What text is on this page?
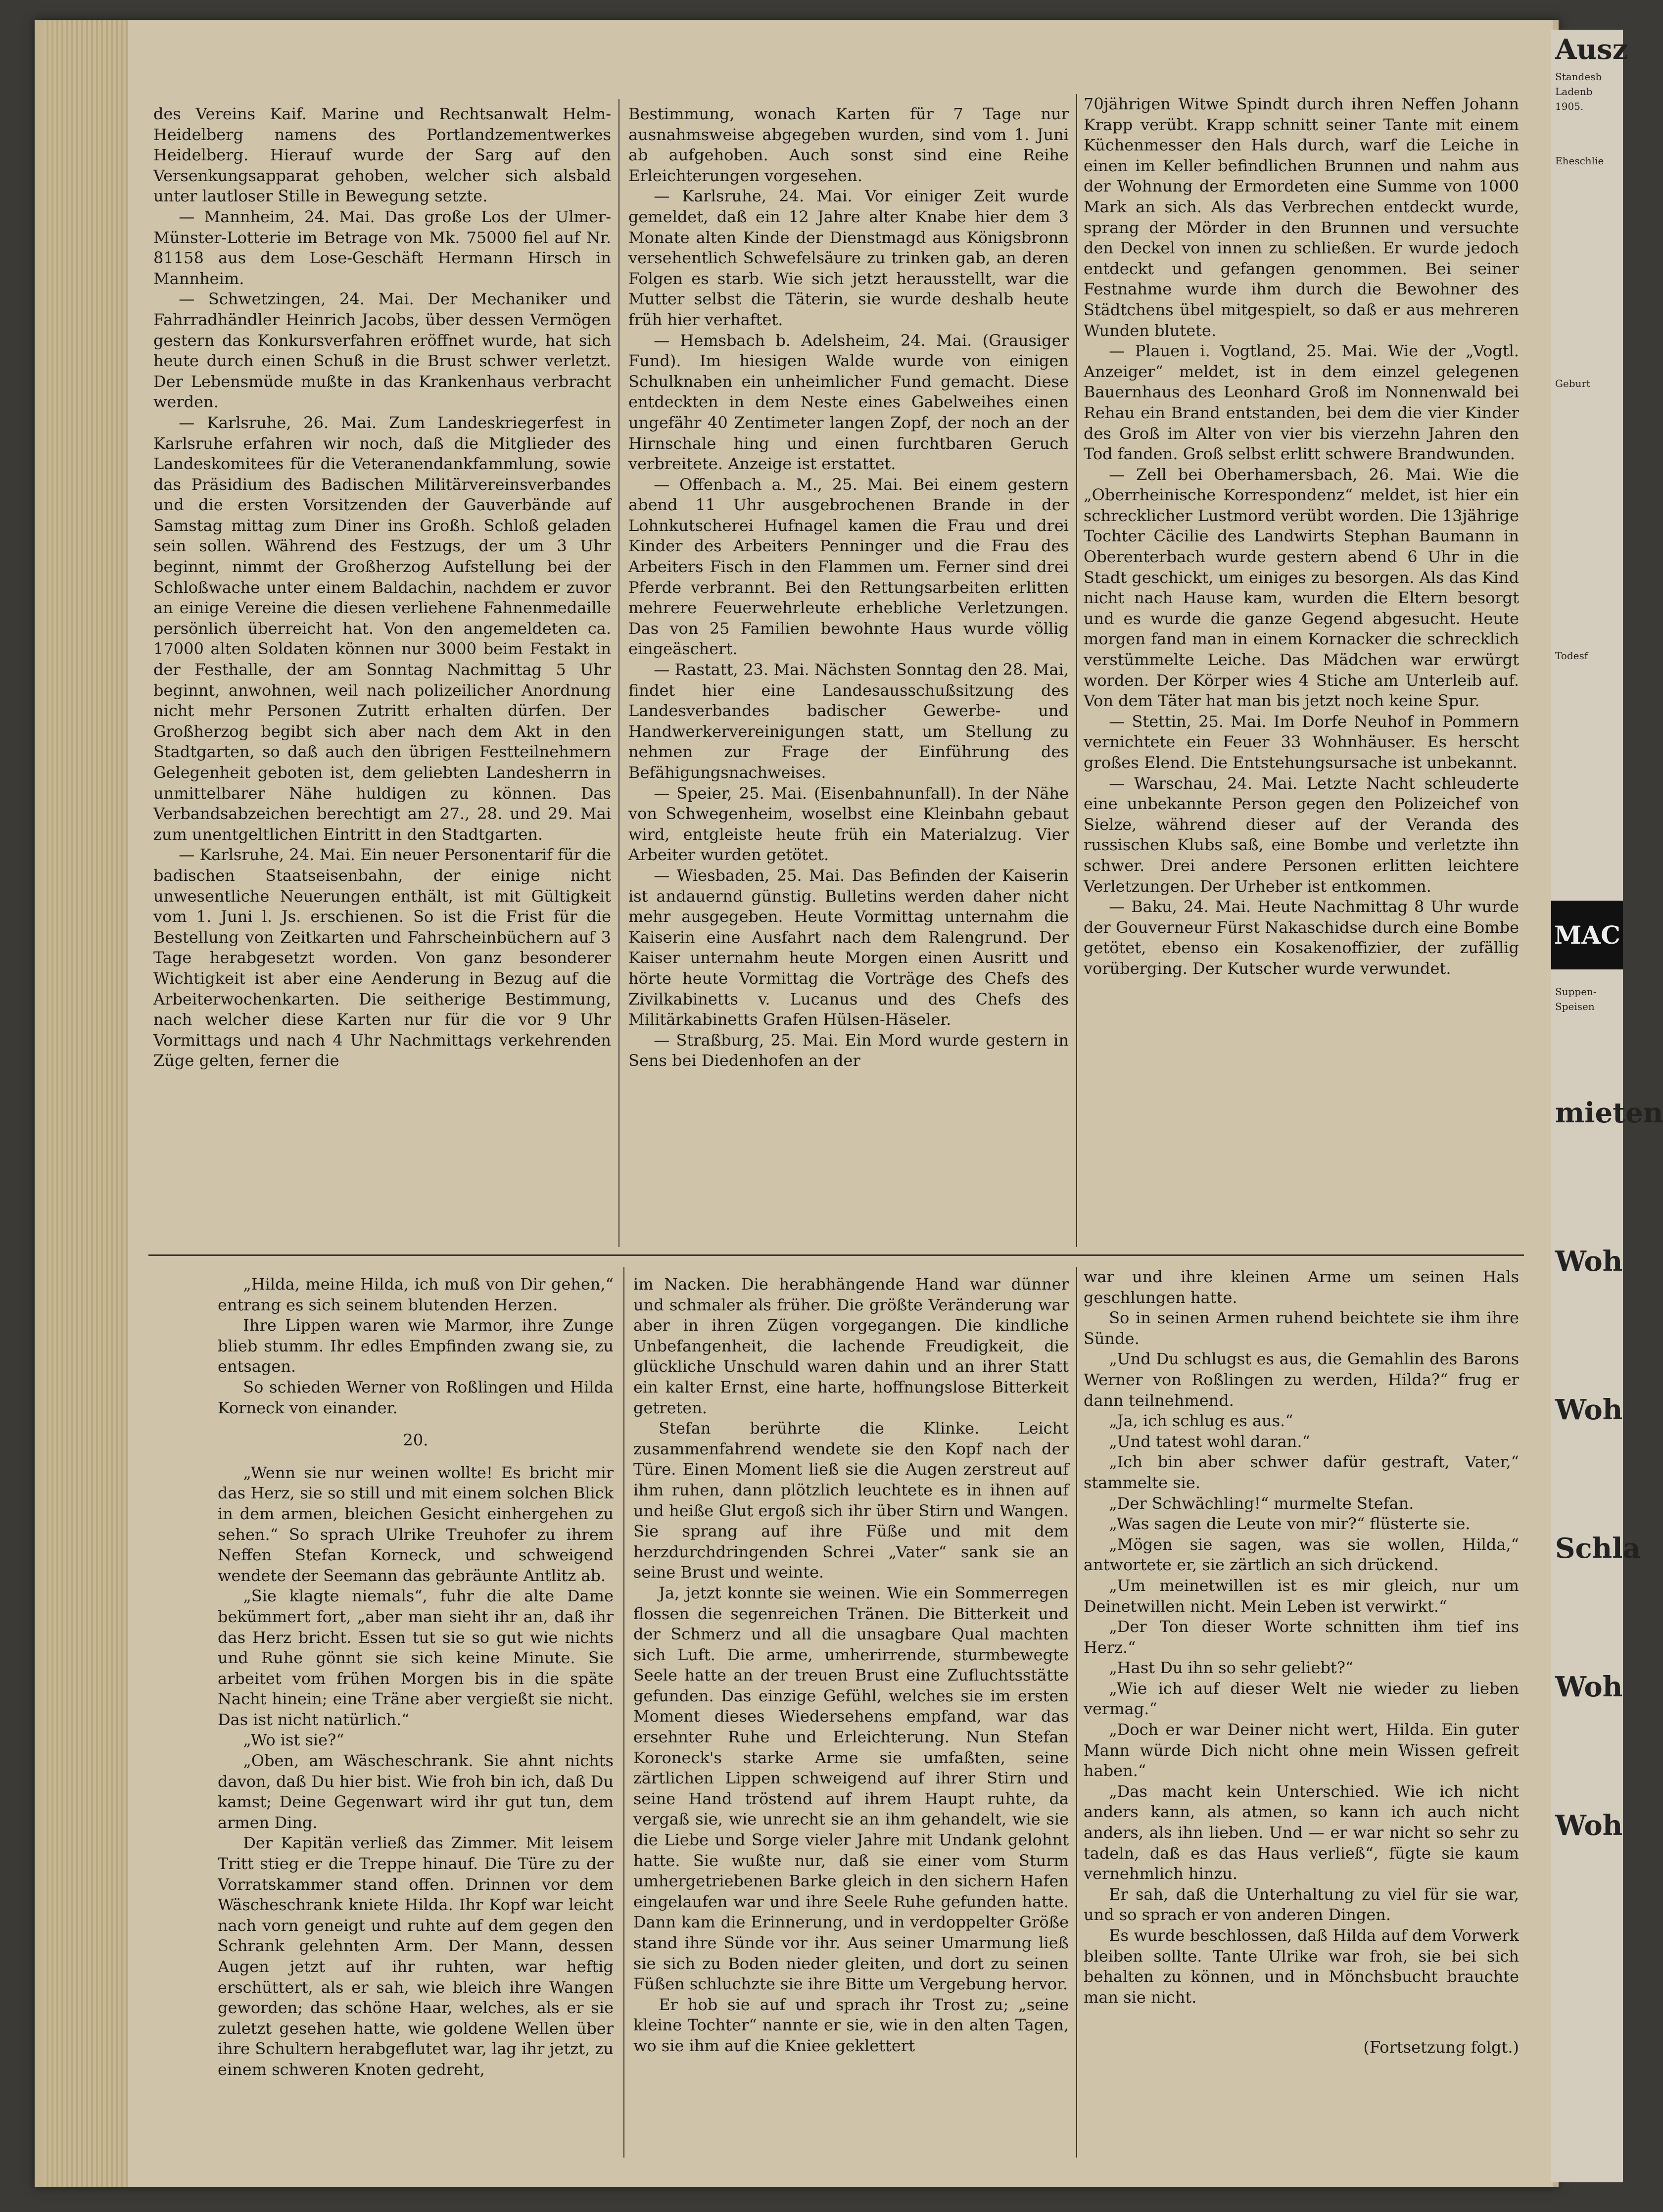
Ausz
Standesb
Ladenb
1905.
Eheschlie
Geburt
Todesf
MAC
Suppen-
Speisen
mieten
Woh
Woh
Schla
Woh
Woh

des Vereins Kaif. Marine und Rechtsanwalt Helm-Heidelberg namens des Portlandzementwerkes Heidelberg. Hierauf wurde der Sarg auf den Versenkungsapparat gehoben, welcher sich alsbald unter lautloser Stille in Bewegung setzte.

— Mannheim, 24. Mai. Das große Los der Ulmer-Münster-Lotterie im Betrage von Mk. 75000 fiel auf Nr. 81158 aus dem Lose-Geschäft Hermann Hirsch in Mannheim.

— Schwetzingen, 24. Mai. Der Mechaniker und Fahrradhändler Heinrich Jacobs, über dessen Vermögen gestern das Konkursverfahren eröffnet wurde, hat sich heute durch einen Schuß in die Brust schwer verletzt. Der Lebensmüde mußte in das Krankenhaus verbracht werden.

— Karlsruhe, 26. Mai. Zum Landeskriegerfest in Karlsruhe erfahren wir noch, daß die Mitglieder des Landeskomitees für die Veteranendankfammlung, sowie das Präsidium des Badischen Militärvereinsverbandes und die ersten Vorsitzenden der Gauverbände auf Samstag mittag zum Diner ins Großh. Schloß geladen sein sollen. Während des Festzugs, der um 3 Uhr beginnt, nimmt der Großherzog Aufstellung bei der Schloßwache unter einem Baldachin, nachdem er zuvor an einige Vereine die diesen verliehene Fahnenmedaille persönlich überreicht hat. Von den angemeldeten ca. 17000 alten Soldaten können nur 3000 beim Festakt in der Festhalle, der am Sonntag Nachmittag 5 Uhr beginnt, anwohnen, weil nach polizeilicher Anordnung nicht mehr Personen Zutritt erhalten dürfen. Der Großherzog begibt sich aber nach dem Akt in den Stadtgarten, so daß auch den übrigen Festteilnehmern Gelegenheit geboten ist, dem geliebten Landesherrn in unmittelbarer Nähe huldigen zu können. Das Verbandsabzeichen berechtigt am 27., 28. und 29. Mai zum unentgeltlichen Eintritt in den Stadtgarten.

— Karlsruhe, 24. Mai. Ein neuer Personentarif für die badischen Staatseisenbahn, der einige nicht unwesentliche Neuerungen enthält, ist mit Gültigkeit vom 1. Juni l. Js. erschienen. So ist die Frist für die Bestellung von Zeitkarten und Fahrscheinbüchern auf 3 Tage herabgesetzt worden. Von ganz besonderer Wichtigkeit ist aber eine Aenderung in Bezug auf die Arbeiterwochenkarten. Die seitherige Bestimmung, nach welcher diese Karten nur für die vor 9 Uhr Vormittags und nach 4 Uhr Nachmittags verkehrenden Züge gelten, ferner die

Bestimmung, wonach Karten für 7 Tage nur ausnahmsweise abgegeben wurden, sind vom 1. Juni ab aufgehoben. Auch sonst sind eine Reihe Erleichterungen vorgesehen.

— Karlsruhe, 24. Mai. Vor einiger Zeit wurde gemeldet, daß ein 12 Jahre alter Knabe hier dem 3 Monate alten Kinde der Dienstmagd aus Königsbronn versehentlich Schwefelsäure zu trinken gab, an deren Folgen es starb. Wie sich jetzt herausstellt, war die Mutter selbst die Täterin, sie wurde deshalb heute früh hier verhaftet.

— Hemsbach b. Adelsheim, 24. Mai. (Grausiger Fund). Im hiesigen Walde wurde von einigen Schulknaben ein unheimlicher Fund gemacht. Diese entdeckten in dem Neste eines Gabelweihes einen ungefähr 40 Zentimeter langen Zopf, der noch an der Hirnschale hing und einen furchtbaren Geruch verbreitete. Anzeige ist erstattet.

— Offenbach a. M., 25. Mai. Bei einem gestern abend 11 Uhr ausgebrochenen Brande in der Lohnkutscherei Hufnagel kamen die Frau und drei Kinder des Arbeiters Penninger und die Frau des Arbeiters Fisch in den Flammen um. Ferner sind drei Pferde verbrannt. Bei den Rettungsarbeiten erlitten mehrere Feuerwehrleute erhebliche Verletzungen. Das von 25 Familien bewohnte Haus wurde völlig eingeäschert.

— Rastatt, 23. Mai. Nächsten Sonntag den 28. Mai, findet hier eine Landesausschußsitzung des Landesverbandes badischer Gewerbe- und Handwerkervereinigungen statt, um Stellung zu nehmen zur Frage der Einführung des Befähigungsnachweises.

— Speier, 25. Mai. (Eisenbahnunfall). In der Nähe von Schwegenheim, woselbst eine Kleinbahn gebaut wird, entgleiste heute früh ein Materialzug. Vier Arbeiter wurden getötet.

— Wiesbaden, 25. Mai. Das Befinden der Kaiserin ist andauernd günstig. Bulletins werden daher nicht mehr ausgegeben. Heute Vormittag unternahm die Kaiserin eine Ausfahrt nach dem Ralengrund. Der Kaiser unternahm heute Morgen einen Ausritt und hörte heute Vormittag die Vorträge des Chefs des Zivilkabinetts v. Lucanus und des Chefs des Militärkabinetts Grafen Hülsen-Häseler.

— Straßburg, 25. Mai. Ein Mord wurde gestern in Sens bei Diedenhofen an der

70jährigen Witwe Spindt durch ihren Neffen Johann Krapp verübt. Krapp schnitt seiner Tante mit einem Küchenmesser den Hals durch, warf die Leiche in einen im Keller befindlichen Brunnen und nahm aus der Wohnung der Ermordeten eine Summe von 1000 Mark an sich. Als das Verbrechen entdeckt wurde, sprang der Mörder in den Brunnen und versuchte den Deckel von innen zu schließen. Er wurde jedoch entdeckt und gefangen genommen. Bei seiner Festnahme wurde ihm durch die Bewohner des Städtchens übel mitgespielt, so daß er aus mehreren Wunden blutete.

— Plauen i. Vogtland, 25. Mai. Wie der „Vogtl. Anzeiger“ meldet, ist in dem einzel gelegenen Bauernhaus des Leonhard Groß im Nonnenwald bei Rehau ein Brand entstanden, bei dem die vier Kinder des Groß im Alter von vier bis vierzehn Jahren den Tod fanden. Groß selbst erlitt schwere Brandwunden.

— Zell bei Oberhamersbach, 26. Mai. Wie die „Oberrheinische Korrespondenz“ meldet, ist hier ein schrecklicher Lustmord verübt worden. Die 13jährige Tochter Cäcilie des Landwirts Stephan Baumann in Oberenterbach wurde gestern abend 6 Uhr in die Stadt geschickt, um einiges zu besorgen. Als das Kind nicht nach Hause kam, wurden die Eltern besorgt und es wurde die ganze Gegend abgesucht. Heute morgen fand man in einem Kornacker die schrecklich verstümmelte Leiche. Das Mädchen war erwürgt worden. Der Körper wies 4 Stiche am Unterleib auf. Von dem Täter hat man bis jetzt noch keine Spur.

— Stettin, 25. Mai. Im Dorfe Neuhof in Pommern vernichtete ein Feuer 33 Wohnhäuser. Es herscht großes Elend. Die Entstehungsursache ist unbekannt.

— Warschau, 24. Mai. Letzte Nacht schleuderte eine unbekannte Person gegen den Polizeichef von Sielze, während dieser auf der Veranda des russischen Klubs saß, eine Bombe und verletzte ihn schwer. Drei andere Personen erlitten leichtere Verletzungen. Der Urheber ist entkommen.

— Baku, 24. Mai. Heute Nachmittag 8 Uhr wurde der Gouverneur Fürst Nakaschidse durch eine Bombe getötet, ebenso ein Kosakenoffizier, der zufällig vorüberging. Der Kutscher wurde verwundet.

„Hilda, meine Hilda, ich muß von Dir gehen,“ entrang es sich seinem blutenden Herzen.

Ihre Lippen waren wie Marmor, ihre Zunge blieb stumm. Ihr edles Empfinden zwang sie, zu entsagen.

So schieden Werner von Roßlingen und Hilda Korneck von einander.

20.

„Wenn sie nur weinen wollte! Es bricht mir das Herz, sie so still und mit einem solchen Blick in dem armen, bleichen Gesicht einhergehen zu sehen.“ So sprach Ulrike Treuhofer zu ihrem Neffen Stefan Korneck, und schweigend wendete der Seemann das gebräunte Antlitz ab.

„Sie klagte niemals“, fuhr die alte Dame bekümmert fort, „aber man sieht ihr an, daß ihr das Herz bricht. Essen tut sie so gut wie nichts und Ruhe gönnt sie sich keine Minute. Sie arbeitet vom frühen Morgen bis in die späte Nacht hinein; eine Träne aber vergießt sie nicht. Das ist nicht natürlich.“

„Wo ist sie?“

„Oben, am Wäscheschrank. Sie ahnt nichts davon, daß Du hier bist. Wie froh bin ich, daß Du kamst; Deine Gegenwart wird ihr gut tun, dem armen Ding.

Der Kapitän verließ das Zimmer. Mit leisem Tritt stieg er die Treppe hinauf. Die Türe zu der Vorratskammer stand offen. Drinnen vor dem Wäscheschrank kniete Hilda. Ihr Kopf war leicht nach vorn geneigt und ruhte auf dem gegen den Schrank gelehnten Arm. Der Mann, dessen Augen jetzt auf ihr ruhten, war heftig erschüttert, als er sah, wie bleich ihre Wangen geworden; das schöne Haar, welches, als er sie zuletzt gesehen hatte, wie goldene Wellen über ihre Schultern herabgeflutet war, lag ihr jetzt, zu einem schweren Knoten gedreht,

im Nacken. Die herabhängende Hand war dünner und schmaler als früher. Die größte Veränderung war aber in ihren Zügen vorgegangen. Die kindliche Unbefangenheit, die lachende Freudigkeit, die glückliche Unschuld waren dahin und an ihrer Statt ein kalter Ernst, eine harte, hoffnungslose Bitterkeit getreten.

Stefan berührte die Klinke. Leicht zusammenfahrend wendete sie den Kopf nach der Türe. Einen Moment ließ sie die Augen zerstreut auf ihm ruhen, dann plötzlich leuchtete es in ihnen auf und heiße Glut ergoß sich ihr über Stirn und Wangen. Sie sprang auf ihre Füße und mit dem herzdurchdringenden Schrei „Vater“ sank sie an seine Brust und weinte.

Ja, jetzt konnte sie weinen. Wie ein Sommerregen flossen die segenreichen Tränen. Die Bitterkeit und der Schmerz und all die unsagbare Qual machten sich Luft. Die arme, umherirrende, sturmbewegte Seele hatte an der treuen Brust eine Zufluchtsstätte gefunden. Das einzige Gefühl, welches sie im ersten Moment dieses Wiedersehens empfand, war das ersehnter Ruhe und Erleichterung. Nun Stefan Koroneck's starke Arme sie umfaßten, seine zärtlichen Lippen schweigend auf ihrer Stirn und seine Hand tröstend auf ihrem Haupt ruhte, da vergaß sie, wie unrecht sie an ihm gehandelt, wie sie die Liebe und Sorge vieler Jahre mit Undank gelohnt hatte. Sie wußte nur, daß sie einer vom Sturm umhergetriebenen Barke gleich in den sichern Hafen eingelaufen war und ihre Seele Ruhe gefunden hatte. Dann kam die Erinnerung, und in verdoppelter Größe stand ihre Sünde vor ihr. Aus seiner Umarmung ließ sie sich zu Boden nieder gleiten, und dort zu seinen Füßen schluchzte sie ihre Bitte um Vergebung hervor.

Er hob sie auf und sprach ihr Trost zu; „seine kleine Tochter“ nannte er sie, wie in den alten Tagen, wo sie ihm auf die Kniee geklettert

war und ihre kleinen Arme um seinen Hals geschlungen hatte.

So in seinen Armen ruhend beichtete sie ihm ihre Sünde.

„Und Du schlugst es aus, die Gemahlin des Barons Werner von Roßlingen zu werden, Hilda?“ frug er dann teilnehmend.

„Ja, ich schlug es aus.“

„Und tatest wohl daran.“

„Ich bin aber schwer dafür gestraft, Vater,“ stammelte sie.

„Der Schwächling!“ murmelte Stefan.

„Was sagen die Leute von mir?“ flüsterte sie.

„Mögen sie sagen, was sie wollen, Hilda,“ antwortete er, sie zärtlich an sich drückend.

„Um meinetwillen ist es mir gleich, nur um Deinetwillen nicht. Mein Leben ist verwirkt.“

„Der Ton dieser Worte schnitten ihm tief ins Herz.“

„Hast Du ihn so sehr geliebt?“

„Wie ich auf dieser Welt nie wieder zu lieben vermag.“

„Doch er war Deiner nicht wert, Hilda. Ein guter Mann würde Dich nicht ohne mein Wissen gefreit haben.“

„Das macht kein Unterschied. Wie ich nicht anders kann, als atmen, so kann ich auch nicht anders, als ihn lieben. Und — er war nicht so sehr zu tadeln, daß es das Haus verließ“, fügte sie kaum vernehmlich hinzu.

Er sah, daß die Unterhaltung zu viel für sie war, und so sprach er von anderen Dingen.

Es wurde beschlossen, daß Hilda auf dem Vorwerk bleiben sollte. Tante Ulrike war froh, sie bei sich behalten zu können, und in Mönchsbucht brauchte man sie nicht.

(Fortsetzung folgt.)
